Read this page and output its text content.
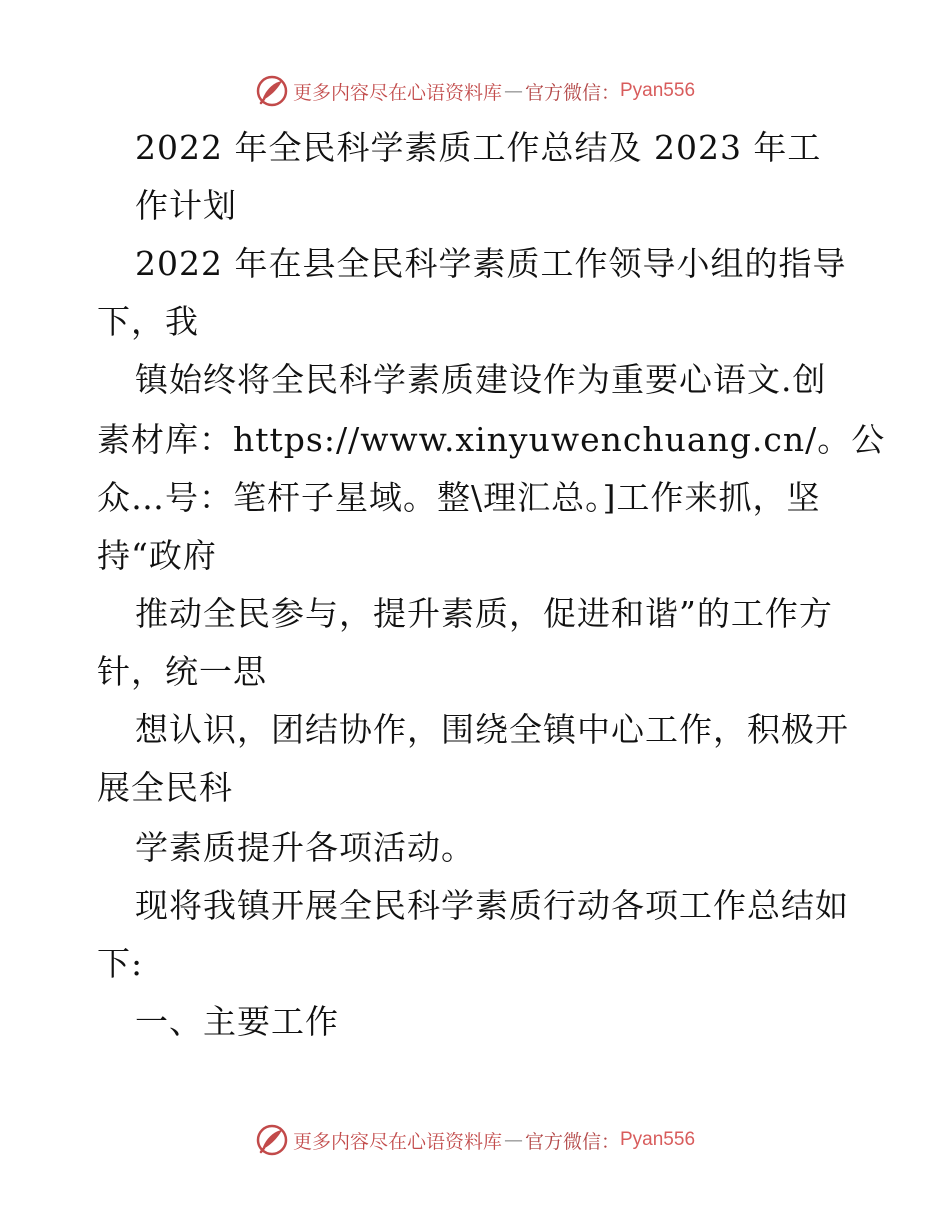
更多内容尽在心语资料库 — 官方微信： Pyan556
2022 年全民科学素质工作总结及 2023 年工
作计划
2022 年在县全民科学素质工作领导小组的指导
下，我
镇始终将全民科学素质建设作为重要心语文.创
素材库：https://www.xinyuwenchuang.cn/。公
众…号：笔杆子星域。整\理汇总。]工作来抓，坚
持“政府
推动全民参与，提升素质，促进和谐”的工作方
针，统一思
想认识，团结协作，围绕全镇中心工作，积极开
展全民科
学素质提升各项活动。
现将我镇开展全民科学素质行动各项工作总结如
下:
一、主要工作
更多内容尽在心语资料库 — 官方微信： Pyan556
